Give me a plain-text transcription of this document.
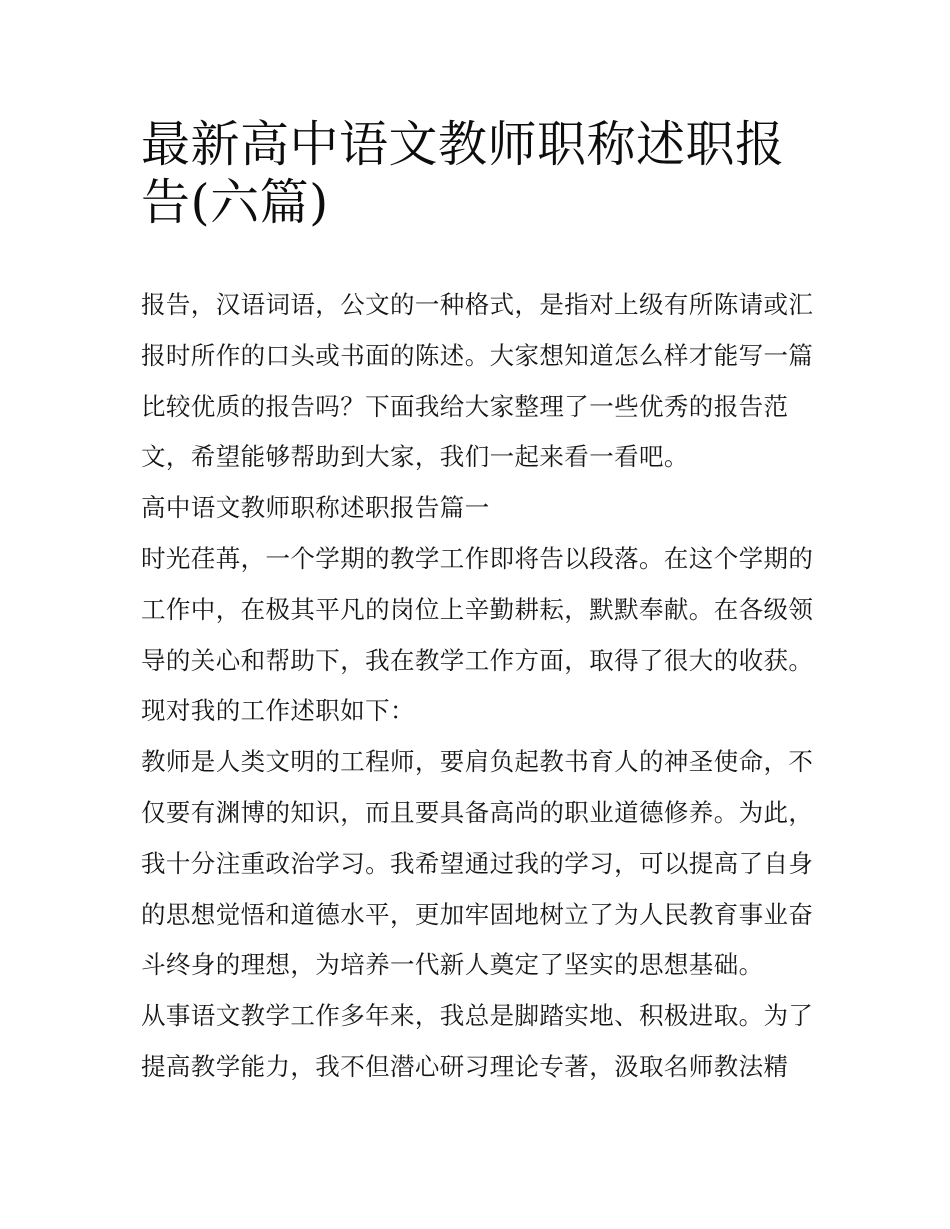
最新高中语文教师职称述职报
告(六篇)
报告，汉语词语，公文的一种格式，是指对上级有所陈请或汇
报时所作的口头或书面的陈述。大家想知道怎么样才能写一篇
比较优质的报告吗？下面我给大家整理了一些优秀的报告范
文，希望能够帮助到大家，我们一起来看一看吧。
高中语文教师职称述职报告篇一
时光荏苒，一个学期的教学工作即将告以段落。在这个学期的
工作中，在极其平凡的岗位上辛勤耕耘，默默奉献。在各级领
导的关心和帮助下，我在教学工作方面，取得了很大的收获。
现对我的工作述职如下：
教师是人类文明的工程师，要肩负起教书育人的神圣使命，不
仅要有渊博的知识，而且要具备高尚的职业道德修养。为此，
我十分注重政治学习。我希望通过我的学习，可以提高了自身
的思想觉悟和道德水平，更加牢固地树立了为人民教育事业奋
斗终身的理想，为培养一代新人奠定了坚实的思想基础。
从事语文教学工作多年来，我总是脚踏实地、积极进取。为了
提高教学能力，我不但潜心研习理论专著，汲取名师教法精
